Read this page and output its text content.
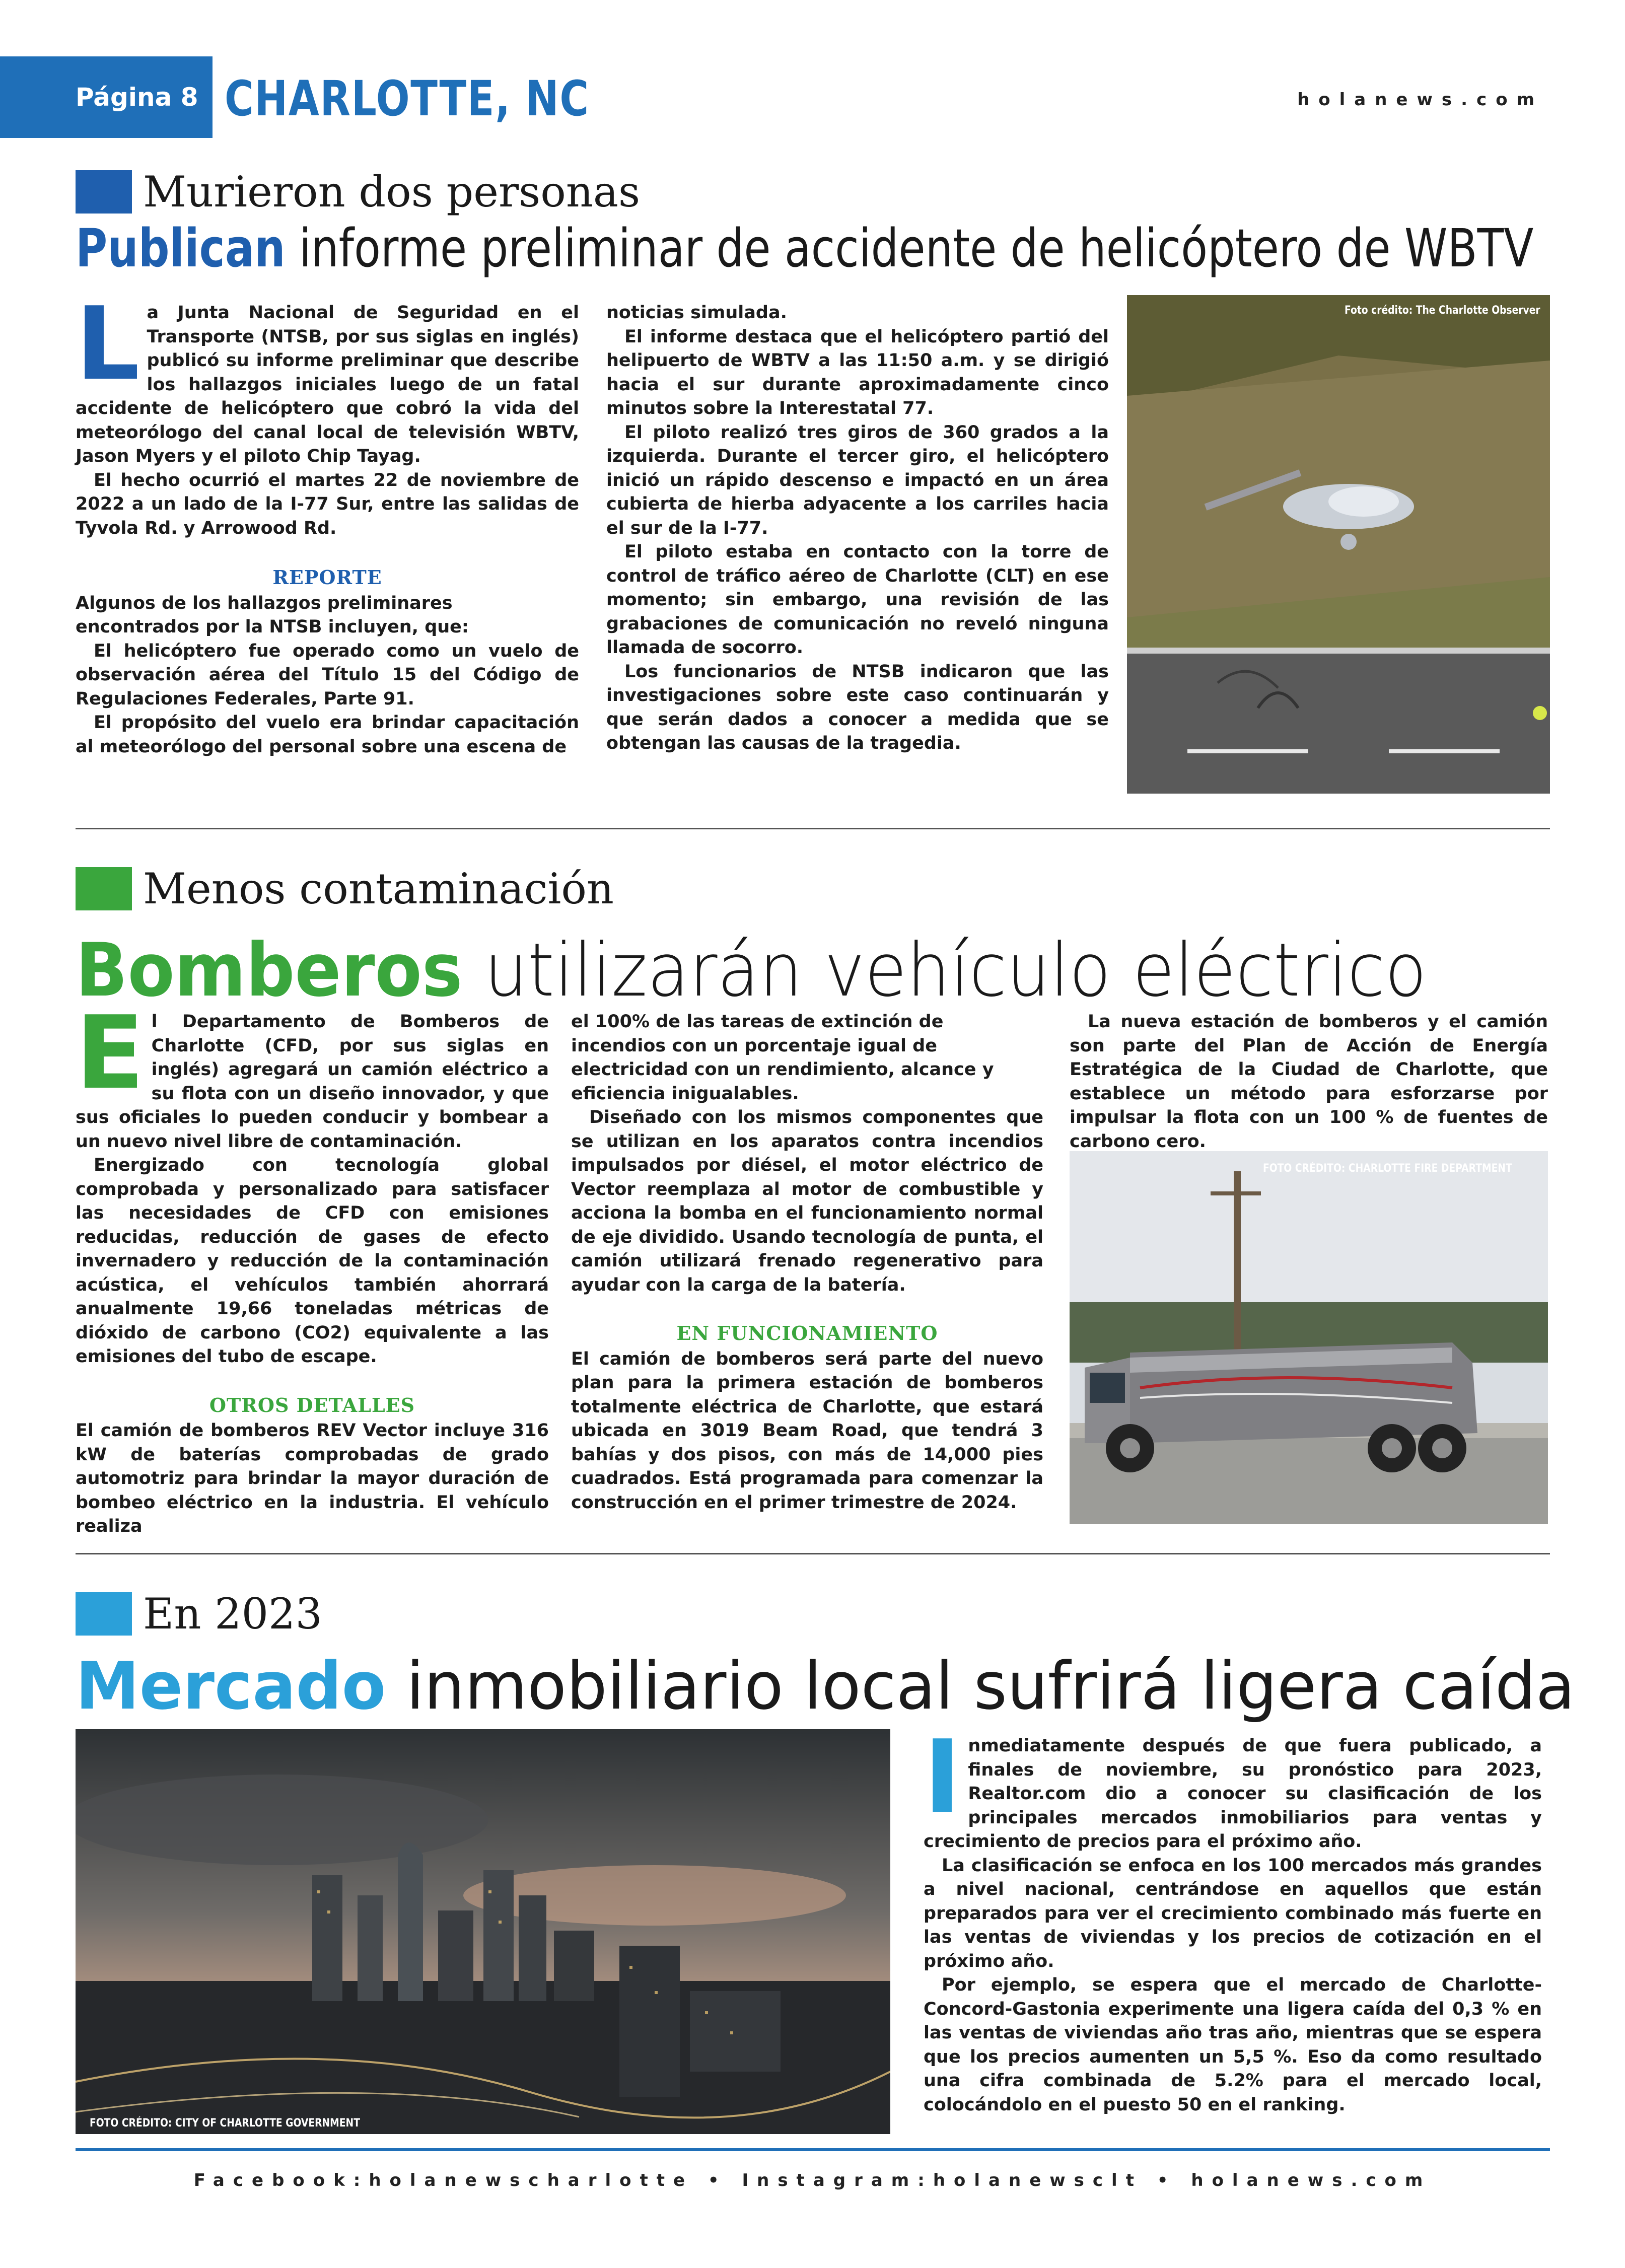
Página 8 CHARLOTTE, NC	holanews.com
Murieron dos personas
Publican informe preliminar de accidente de helicóptero de WBTV
L a Junta Nacional de Seguridad en el Transporte (NTSB, por sus siglas en inglés) publicó su informe preliminar que describe los hallazgos iniciales luego de un fatal accidente de helicóptero que cobró la vida del meteorólogo del canal local de televisión WBTV, Jason Myers y el piloto Chip Tayag.

El hecho ocurrió el martes 22 de noviembre de 2022 a un lado de la I-77 Sur, entre las salidas de Tyvola Rd. y Arrowood Rd.

REPORTE

Algunos de los hallazgos preliminares encontrados por la NTSB incluyen, que:

El helicóptero fue operado como un vuelo de observación aérea del Título 15 del Código de Regulaciones Federales, Parte 91.

El propósito del vuelo era brindar capacitación al meteorólogo del personal sobre una escena de

noticias simulada.

El informe destaca que el helicóptero partió del helipuerto de WBTV a las 11:50 a.m. y se dirigió hacia el sur durante aproximadamente cinco minutos sobre la Interestatal 77.

El piloto realizó tres giros de 360 grados a la izquierda. Durante el tercer giro, el helicóptero inició un rápido descenso e impactó en un área cubierta de hierba adyacente a los carriles hacia el sur de la I-77.

El piloto estaba en contacto con la torre de control de tráfico aéreo de Charlotte (CLT) en ese momento; sin embargo, una revisión de las grabaciones de comunicación no reveló ninguna llamada de socorro.

Los funcionarios de NTSB indicaron que las investigaciones sobre este caso continuarán y que serán dados a conocer a medida que se obtengan las causas de la tragedia.

Foto crédito: The Charlotte Observer
Menos contaminación
Bomberos utilizarán vehículo eléctrico
E l Departamento de Bomberos de Charlotte (CFD, por sus siglas en inglés) agregará un camión eléctrico a su flota con un diseño innovador, y que sus oficiales lo pueden conducir y bombear a un nuevo nivel libre de contaminación.

Energizado con tecnología global comprobada y personalizado para satisfacer las necesidades de CFD con emisiones reducidas, reducción de gases de efecto invernadero y reducción de la contaminación acústica, el vehículos también ahorrará anualmente 19,66 toneladas métricas de dióxido de carbono (CO2) equivalente a las emisiones del tubo de escape.

OTROS DETALLES

El camión de bomberos REV Vector incluye 316 kW de baterías comprobadas de grado automotriz para brindar la mayor duración de bombeo eléctrico en la industria. El vehículo realiza

el 100% de las tareas de extinción de incendios con un porcentaje igual de electricidad con un rendimiento, alcance y eficiencia inigualables.

Diseñado con los mismos componentes que se utilizan en los aparatos contra incendios impulsados por diésel, el motor eléctrico de Vector reemplaza al motor de combustible y acciona la bomba en el funcionamiento normal de eje dividido. Usando tecnología de punta, el camión utilizará frenado regenerativo para ayudar con la carga de la batería.

EN FUNCIONAMIENTO

El camión de bomberos será parte del nuevo plan para la primera estación de bomberos totalmente eléctrica de Charlotte, que estará ubicada en 3019 Beam Road, que tendrá 3 bahías y dos pisos, con más de 14,000 pies cuadrados. Está programada para comenzar la construcción en el primer trimestre de 2024.

La nueva estación de bomberos y el camión son parte del Plan de Acción de Energía Estratégica de la Ciudad de Charlotte, que establece un método para esforzarse por impulsar la flota con un 100 % de fuentes de carbono cero.

FOTO CRÉDITO: CHARLOTTE FIRE DEPARTMENT
En 2023
Mercado inmobiliario local sufrirá ligera caída
FOTO CRÉDITO: CITY OF CHARLOTTE GOVERNMENT
I nmediatamente después de que fuera publicado, a finales de noviembre, su pronóstico para 2023, Realtor.com dio a conocer su clasificación de los principales mercados inmobiliarios para ventas y crecimiento de precios para el próximo año.

La clasificación se enfoca en los 100 mercados más grandes a nivel nacional, centrándose en aquellos que están preparados para ver el crecimiento combinado más fuerte en las ventas de viviendas y los precios de cotización en el próximo año.

Por ejemplo, se espera que el mercado de Charlotte-Concord-Gastonia experimente una ligera caída del 0,3 % en las ventas de viviendas año tras año, mientras que se espera que los precios aumenten un 5,5 %. Eso da como resultado una cifra combinada de 5.2% para el mercado local, colocándolo en el puesto 50 en el ranking.

Facebook:holanewscharlotte • Instagram:holanewsclt • holanews.com
